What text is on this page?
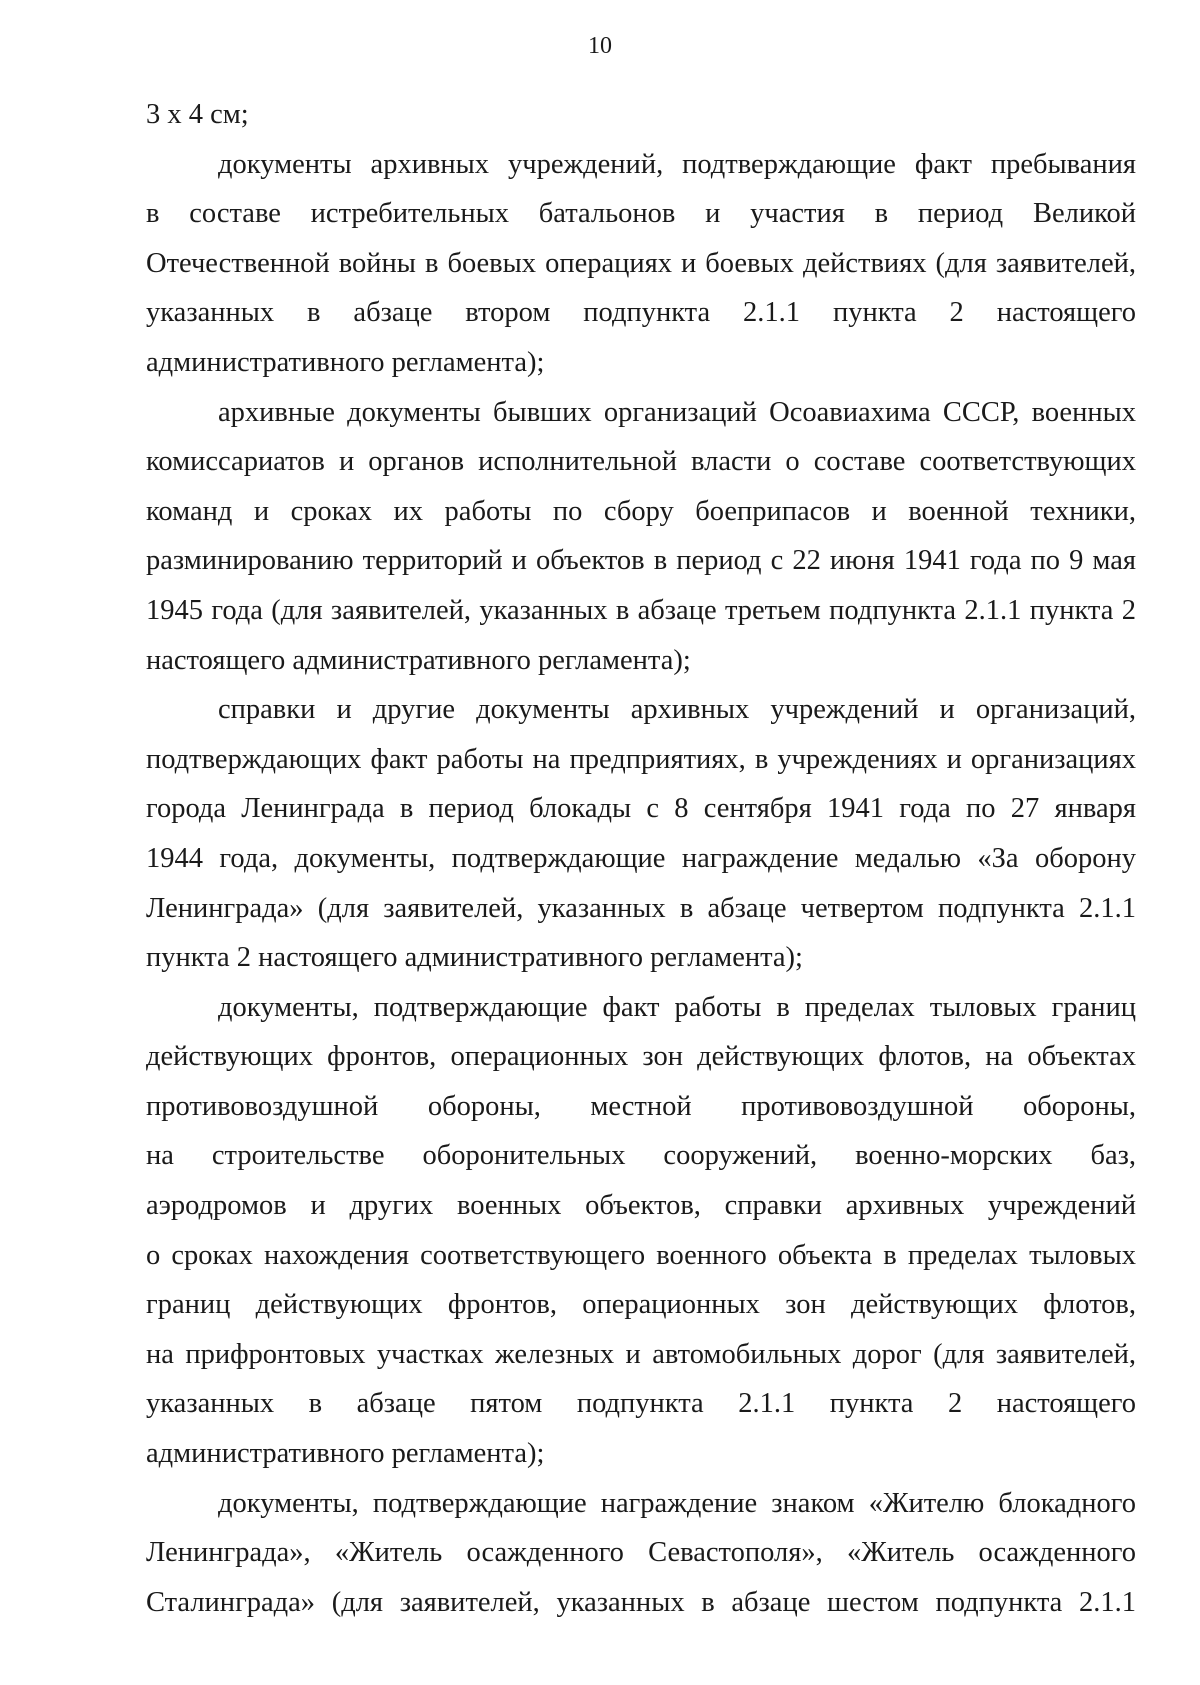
10
3 х 4 см;
документы архивных учреждений, подтверждающие факт пребывания
в составе истребительных батальонов и участия в период Великой
Отечественной войны в боевых операциях и боевых действиях (для заявителей,
указанных в абзаце втором подпункта 2.1.1 пункта 2 настоящего
административного регламента);
архивные документы бывших организаций Осоавиахима СССР, военных
комиссариатов и органов исполнительной власти о составе соответствующих
команд и сроках их работы по сбору боеприпасов и военной техники,
разминированию территорий и объектов в период с 22 июня 1941 года по 9 мая
1945 года (для заявителей, указанных в абзаце третьем подпункта 2.1.1 пункта 2
настоящего административного регламента);
справки и другие документы архивных учреждений и организаций,
подтверждающих факт работы на предприятиях, в учреждениях и организациях
города Ленинграда в период блокады с 8 сентября 1941 года по 27 января
1944 года, документы, подтверждающие награждение медалью «За оборону
Ленинграда» (для заявителей, указанных в абзаце четвертом подпункта 2.1.1
пункта 2 настоящего административного регламента);
документы, подтверждающие факт работы в пределах тыловых границ
действующих фронтов, операционных зон действующих флотов, на объектах
противовоздушной обороны, местной противовоздушной обороны,
на строительстве оборонительных сооружений, военно-морских баз,
аэродромов и других военных объектов, справки архивных учреждений
о сроках нахождения соответствующего военного объекта в пределах тыловых
границ действующих фронтов, операционных зон действующих флотов,
на прифронтовых участках железных и автомобильных дорог (для заявителей,
указанных в абзаце пятом подпункта 2.1.1 пункта 2 настоящего
административного регламента);
документы, подтверждающие награждение знаком «Жителю блокадного
Ленинграда», «Житель осажденного Севастополя», «Житель осажденного
Сталинграда» (для заявителей, указанных в абзаце шестом подпункта 2.1.1
